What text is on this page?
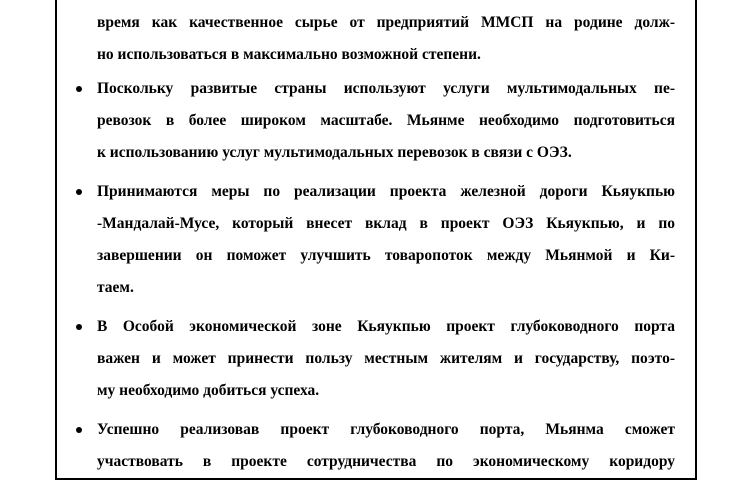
время как качественное сырье от предприятий ММСП на родине долж-
но использоваться в максимально возможной степени.
Поскольку развитые страны используют услуги мультимодальных пе-
ревозок в более широком масштабе. Мьянме необходимо подготовиться
к использованию услуг мультимодальных перевозок в связи с ОЭЗ.
Принимаются меры по реализации проекта железной дороги Кьяукпью
-Мандалай-Мусе, который внесет вклад в проект ОЭЗ Кьяукпью, и по
завершении он поможет улучшить товаропоток между Мьянмой и Ки-
таем.
В Особой экономической зоне Кьяукпью проект глубоководного порта
важен и может принести пользу местным жителям и государству, поэто-
му необходимо добиться успеха.
Успешно реализовав проект глубоководного порта, Мьянма сможет
участвовать в проекте сотрудничества по экономическому коридору
